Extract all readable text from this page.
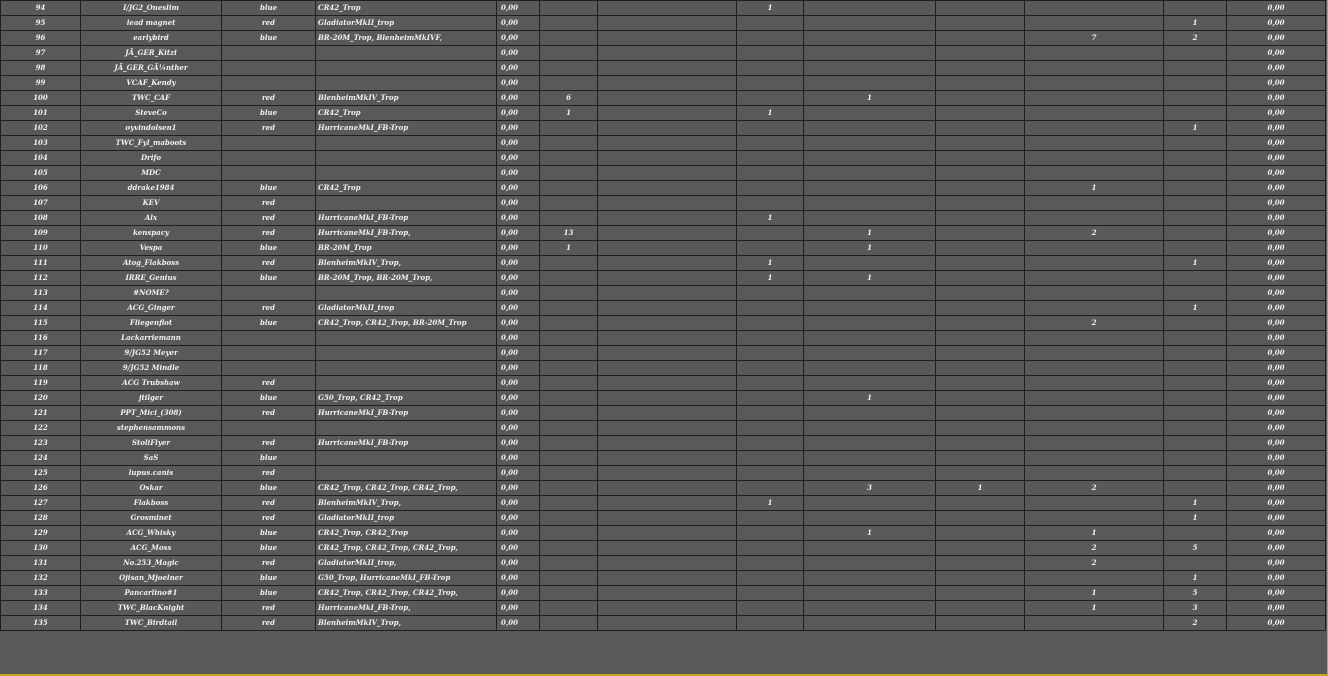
94	I/JG2_Oneslim	blue	CR42_Trop	0,00			1					0,00
95	lead magnet	red	GladiatorMkII_trop	0,00							1	0,00
96	earlybird	blue	BR-20M_Trop, BlenheimMkIVF,	0,00						7	2	0,00
97	JÃ_GER_Kitzi			0,00								0,00
98	JÃ_GER_GÃ¼nther			0,00								0,00
99	VCAF_Kendy			0,00								0,00
100	TWC_CAF	red	BlenheimMkIV_Trop	0,00	6			1				0,00
101	SteveCo	blue	CR42_Trop	0,00	1		1					0,00
102	oyvindolsen1	red	HurricaneMkI_FB-Trop	0,00							1	0,00
103	TWC_Fyl_maboots			0,00								0,00
104	Drifo			0,00								0,00
105	MDC			0,00								0,00
106	ddrake1984	blue	CR42_Trop	0,00						1		0,00
107	KEV	red		0,00								0,00
108	Alx	red	HurricaneMkI_FB-Trop	0,00			1					0,00
109	kenspacy	red	HurricaneMkI_FB-Trop,	0,00	13			1		2		0,00
110	Vespa	blue	BR-20M_Trop	0,00	1			1				0,00
111	Atog_Flakboss	red	BlenheimMkIV_Trop,	0,00			1				1	0,00
112	IRRE_Genius	blue	BR-20M_Trop, BR-20M_Trop,	0,00			1	1				0,00
113	#NOME?			0,00								0,00
114	ACG_Ginger	red	GladiatorMkII_trop	0,00							1	0,00
115	Fliegenflot	blue	CR42_Trop, CR42_Trop, BR-20M_Trop	0,00						2		0,00
116	Lackarriemann			0,00								0,00
117	9/JG52 Meyer			0,00								0,00
118	9/JG52 Mindle			0,00								0,00
119	ACG Trubshaw	red		0,00								0,00
120	jtilger	blue	G50_Trop, CR42_Trop	0,00				1				0,00
121	PPT_Mici_(308)	red	HurricaneMkI_FB-Trop	0,00								0,00
122	stephensammons			0,00								0,00
123	StoliFlyer	red	HurricaneMkI_FB-Trop	0,00								0,00
124	SaS	blue		0,00								0,00
125	lupus.canis	red		0,00								0,00
126	Oskar	blue	CR42_Trop, CR42_Trop, CR42_Trop,	0,00				3	1	2		0,00
127	Flakboss	red	BlenheimMkIV_Trop,	0,00			1				1	0,00
128	Grosminet	red	GladiatorMkII_trop	0,00							1	0,00
129	ACG_Whisky	blue	CR42_Trop, CR42_Trop	0,00				1		1		0,00
130	ACG_Moss	blue	CR42_Trop, CR42_Trop, CR42_Trop,	0,00						2	5	0,00
131	No.253_Magic	red	GladiatorMkII_trop,	0,00						2		0,00
132	Ojisan_Mjoelner	blue	G50_Trop, HurricaneMkI_FB-Trop	0,00							1	0,00
133	Pancarlino#1	blue	CR42_Trop, CR42_Trop, CR42_Trop,	0,00						1	5	0,00
134	TWC_BlacKnight	red	HurricaneMkI_FB-Trop,	0,00						1	3	0,00
135	TWC_Birdtail	red	BlenheimMkIV_Trop,	0,00							2	0,00
